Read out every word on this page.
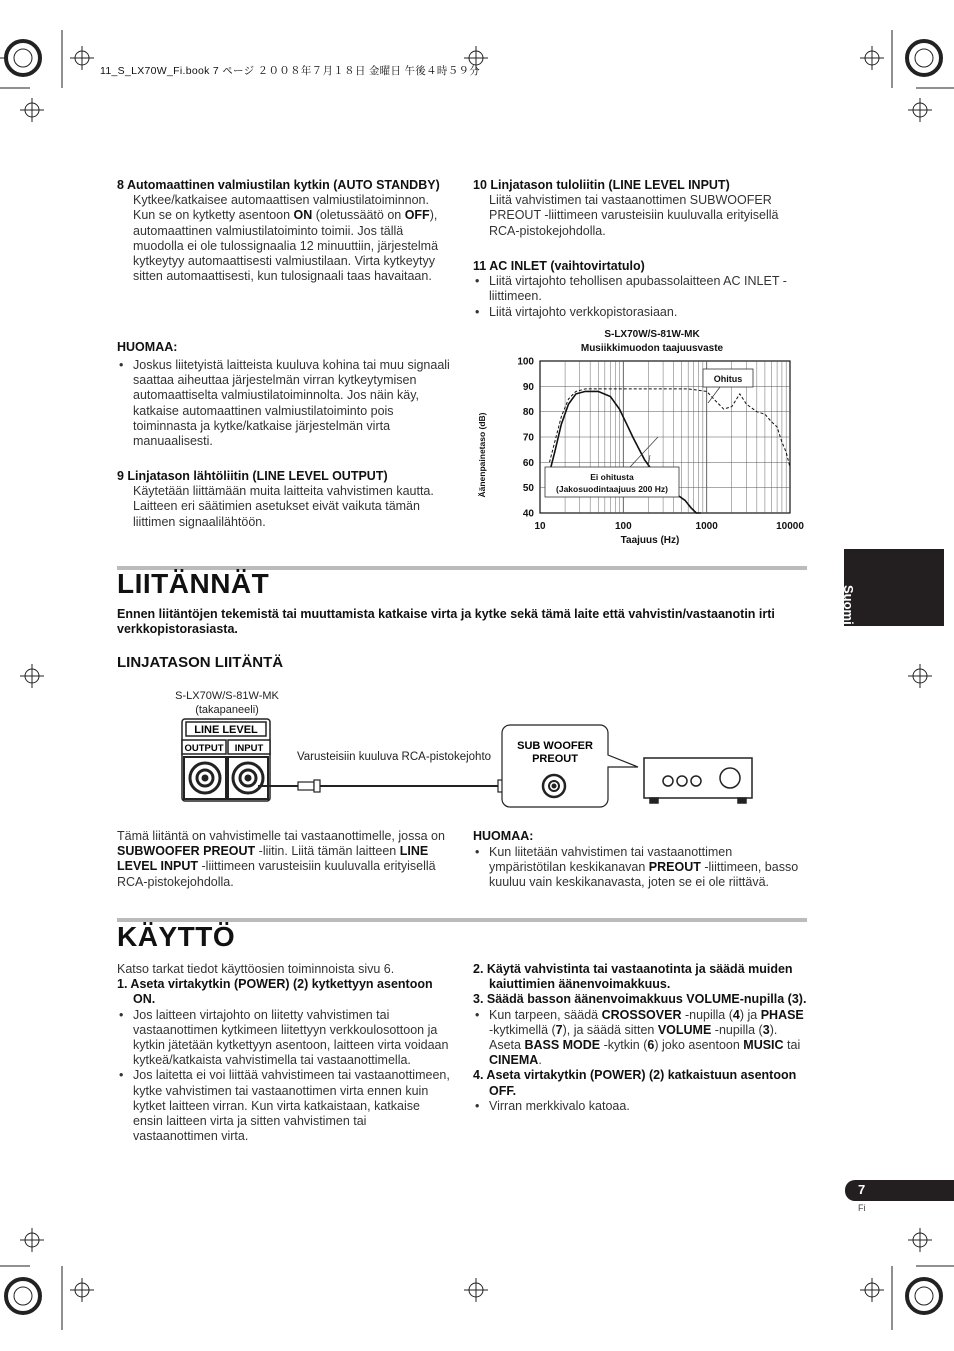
11_S_LX70W_Fi.book 7 ページ ２００８年７月１８日 金曜日 午後４時５９分
8 Automaattinen valmiustilan kytkin (AUTO STANDBY)
Kytkee/katkaisee automaattisen valmiustilatoiminnon.
Kun se on kytketty asentoon ON (oletussäätö on OFF), automaattinen valmiustilatoiminto toimii. Jos tällä muodolla ei ole tulossignaalia 12 minuuttiin, järjestelmä kytkeytyy automaattisesti valmiustilaan. Virta kytkeytyy sitten automaattisesti, kun tulosignaali taas havaitaan.
HUOMAA:
• Joskus liitetyistä laitteista kuuluva kohina tai muu signaali saattaa aiheuttaa järjestelmän virran kytkeytymisen automaattiselta valmiustilatoiminnolta. Jos näin käy, katkaise automaattinen valmiustilatoiminto pois toiminnasta ja kytke/katkaise järjestelmän virta manuaalisesti.
9 Linjatason lähtöliitin (LINE LEVEL OUTPUT)
Käytetään liittämään muita laitteita vahvistimen kautta. Laitteen eri säätimien asetukset eivät vaikuta tämän liittimen signaalilähtöön.
10 Linjatason tuloliitin (LINE LEVEL INPUT)
Liitä vahvistimen tai vastaanottimen SUBWOOFER PREOUT -liittimeen varusteisiin kuuluvalla erityisellä RCA-pistokejohdolla.
11 AC INLET (vaihtovirtatulo)
• Liitä virtajohto tehollisen apubassolaitteen AC INLET -liittimeen.
• Liitä virtajohto verkkopistorasiaan.
S-LX70W/S-81W-MK
Musiikkimuodon taajuusvaste
40
50
60
70
80
90
100
10	100	1000	10000
Äänenpainetaso (dB)
Taajuus (Hz)
Ohitus
Ei ohitusta
(Jakosuodintaajuus 200 Hz)
Suomi
LIITÄNNÄT
Ennen liitäntöjen tekemistä tai muuttamista katkaise virta ja kytke sekä tämä laite että vahvistin/vastaanotin irti verkkopistorasiasta.
LINJATASON LIITÄNTÄ
S-LX70W/S-81W-MK
(takapaneeli)
LINE LEVEL
OUTPUT INPUT
Varusteisiin kuuluva RCA-pistokejohto
SUB WOOFER
PREOUT
Tämä liitäntä on vahvistimelle tai vastaanottimelle, jossa on SUBWOOFER PREOUT -liitin. Liitä tämän laitteen LINE LEVEL INPUT -liittimeen varusteisiin kuuluvalla erityisellä RCA-pistokejohdolla.
HUOMAA:
• Kun liitetään vahvistimen tai vastaanottimen ympäristötilan keskikanavan PREOUT -liittimeen, basso kuuluu vain keskikanavasta, joten se ei ole riittävä.
KÄYTTÖ
Katso tarkat tiedot käyttöosien toiminnoista sivu 6.
1. Aseta virtakytkin (POWER) (2) kytkettyyn asentoon ON.
• Jos laitteen virtajohto on liitetty vahvistimen tai vastaanottimen kytkimeen liitettyyn verkkoulosottoon ja kytkin jätetään kytkettyyn asentoon, laitteen virta voidaan kytkeä/katkaista vahvistimella tai vastaanottimella.
• Jos laitetta ei voi liittää vahvistimeen tai vastaanottimeen, kytke vahvistimen tai vastaanottimen virta ennen kuin kytket laitteen virran. Kun virta katkaistaan, katkaise ensin laitteen virta ja sitten vahvistimen tai vastaanottimen virta.
2. Käytä vahvistinta tai vastaanotinta ja säädä muiden kaiuttimien äänenvoimakkuus.
3. Säädä basson äänenvoimakkuus VOLUME-nupilla (3).
• Kun tarpeen, säädä CROSSOVER -nupilla (4) ja PHASE -kytkimellä (7), ja säädä sitten VOLUME -nupilla (3). Aseta BASS MODE -kytkin (6) joko asentoon MUSIC tai CINEMA.
4. Aseta virtakytkin (POWER) (2) katkaistuun asentoon OFF.
• Virran merkkivalo katoaa.
7
Fi
